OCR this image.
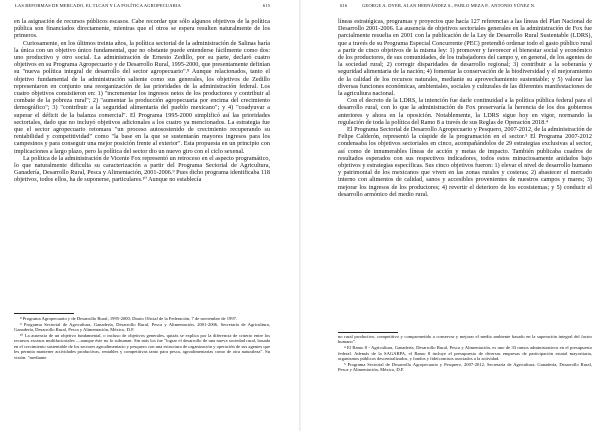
LAS REFORMAS DE MERCADO, EL TLCAN Y LA POLÍTICA AGROPECUARIA	615

en la asignación de recursos públicos escasos. Cabe recordar que sólo algunos objetivos de la política pública son financiados directamente, mientras que el otros se espera resulten naturalmente de los primeros.

Curiosamente, en los últimos treinta años, la política sectorial de la administración de Salinas haría la única con un objetivo único fundamental, que no obstante puede entenderse fácilmente como dos: uno productivo y otro social. La administración de Ernesto Zedillo, por su parte, declaró cuatro objetivos en su Programa Agropecuario y de Desarrollo Rural, 1995-2000, que presentamente definían su "nueva política integral de desarrollo del sector agropecuario".⁸ Aunque relacionados, tanto el objetivo fundamental de la administración saliente como sus generales, los objetivos de Zedillo representaron en conjunto una reorganización de las prioridades de la administración federal. Los cuatro objetivos consistieron en: 1) "incrementar los ingresos netos de los productores y contribuir al combate de la pobreza rural"; 2) "aumentar la producción agropecuaria por encima del crecimiento demográfico"; 3) "contribuir a la seguridad alimentaria del pueblo mexicano"; y 4) "coadyuvar a superar el déficit de la balanza comercial". El Programa 1995-2000 simplificó así las prioridades sectoriales, dado que no incluyó objetivos adicionales a los cuatro ya mencionados. La estrategia fue que el sector agropecuario retomara "un proceso autosostenido de crecimiento recuperando su rentabilidad y competitividad" como "la base en la que se sustentarán mayores ingresos para los campesinos y para conseguir una mejor posición frente al exterior". Esta propuesta en un principio con implicaciones a largo plazo, pero la política del sector dio un nuevo giro con el ciclo sexenal.

La política de la administración de Vicente Fox representó un retroceso en el aspecto programático, lo que naturalmente dificulta su caracterización a partir del Programa Sectorial de Agricultura, Ganadería, Desarrollo Rural, Pesca y Alimentación, 2001-2006.⁹ Pues dicho programa identificaba 118 objetivos, todos ellos, ha de suponerse, particulares.¹⁰ Aunque no establecía

⁸ Programa Agropecuario y de Desarrollo Rural, 1995-2000, Diario Oficial de la Federación, 7 de noviembre de 1997.

⁹ Programa Sectorial de Agricultura, Ganadería, Desarrollo Rural, Pesca y Alimentación, 2001-2006, Secretaría de Agricultura, Ganadería, Desarrollo Rural, Pesca y Alimentación, México, D.F.

¹⁰ La ausencia de un objetivo fundamental, o incluso de objetivos generales, quizás se explica por la diferencia de criterio entre los recursos escasos multifactoriales —aunque éste no lo subsanan. Sin más los fue "lograr el desarrollo de una nueva sociedad rural, basada en el crecimiento sustentable de los sectores agroalimentario y pesquero con una estructura de organización y operación de sus agentes que les permita mantener actividades productivas, rentables y competitivas tanto para pesca, agroalimentarias como de otra naturaleza". Su visión: "mediante

616	GEORGE A. DYER, ALAN HERNÁNDEZ S., PABLO MEZA P., ANTONIO YÚNEZ N.

líneas estratégicas, programas y proyectos que hacía 127 referencias a las líneas del Plan Nacional de Desarrollo 2001-2006. La ausencia de objetivos sectoriales generales en la administración de Fox fue parcialmente resuelta en 2001 con la publicación de la Ley de Desarrollo Rural Sustentable (LDRS), que a través de su Programa Especial Concurrente (PEC) pretendió ordenar todo el gasto público rural a partir de cinco objetivos de la misma ley: 1) promover y favorecer el bienestar social y económico de los productores, de sus comunidades, de los trabajadores del campo y, en general, de los agentes de la sociedad rural; 2) corregir disparidades de desarrollo regional; 3) contribuir a la soberanía y seguridad alimentaria de la nación; 4) fomentar la conservación de la biodiversidad y el mejoramiento de la calidad de los recursos naturales, mediante su aprovechamiento sustentable; y 5) valorar las diversas funciones económicas, ambientales, sociales y culturales de las diferentes manifestaciones de la agricultura nacional.

Con el decreto de la LDRS, la intención fue darle continuidad a la política pública federal para el desarrollo rural, con lo que la administración de Fox preservaría la herencia de los dos gobiernos anteriores y ahora en la oposición. Notablemente, la LDRS sigue hoy en vigor, normando la regulación de toda la política del Ramo 8 a través de sus Reglas de Operación 2018.⁴

El Programa Sectorial de Desarrollo Agropecuario y Pesquero, 2007-2012, de la administración de Felipe Calderón, representó la cúspide de la programación en el sector.⁵ El Programa 2007-2012 condensaba los objetivos sectoriales en cinco, acompañándolos de 29 estrategias exclusivas al sector, así como de innumerables líneas de acción y metas de impacto. También publicaba cuadros de resultados esperados con sus respectivos indicadores, todos estos minuciosamente anidados bajo objetivos y estrategias específicas. Sus cinco objetivos fueron: 1) elevar el nivel de desarrollo humano y patrimonial de los mexicanos que viven en las zonas rurales y costeras; 2) abastecer el mercado interno con alimentos de calidad, sanos y accesibles provenientes de nuestros campos y mares; 3) mejorar los ingresos de los productores; 4) revertir el deterioro de los ecosistemas; y 5) conducir el desarrollo armónico del medio rural.

no rural productivo, competitivo y comprometido a conservar y mejorar el medio ambiente basado en la superación integral del factor humano".

⁴ El Ramo 8 - Agricultura, Ganadería, Desarrollo Rural, Pesca y Alimentación, es uno de 33 ramos administrativos en el presupuesto federal. Además de la SAGARPA, el Ramo 8 incluye el presupuesto de diversas empresas de participación estatal mayoritaria, organismos públicos descentralizados, y fondos y fideicomisos asociados a la actividad.

⁵ Programa Sectorial de Desarrollo Agropecuario y Pesquero, 2007-2012, Secretaría de Agricultura, Ganadería, Desarrollo Rural, Pesca y Alimentación, México, D.F.
